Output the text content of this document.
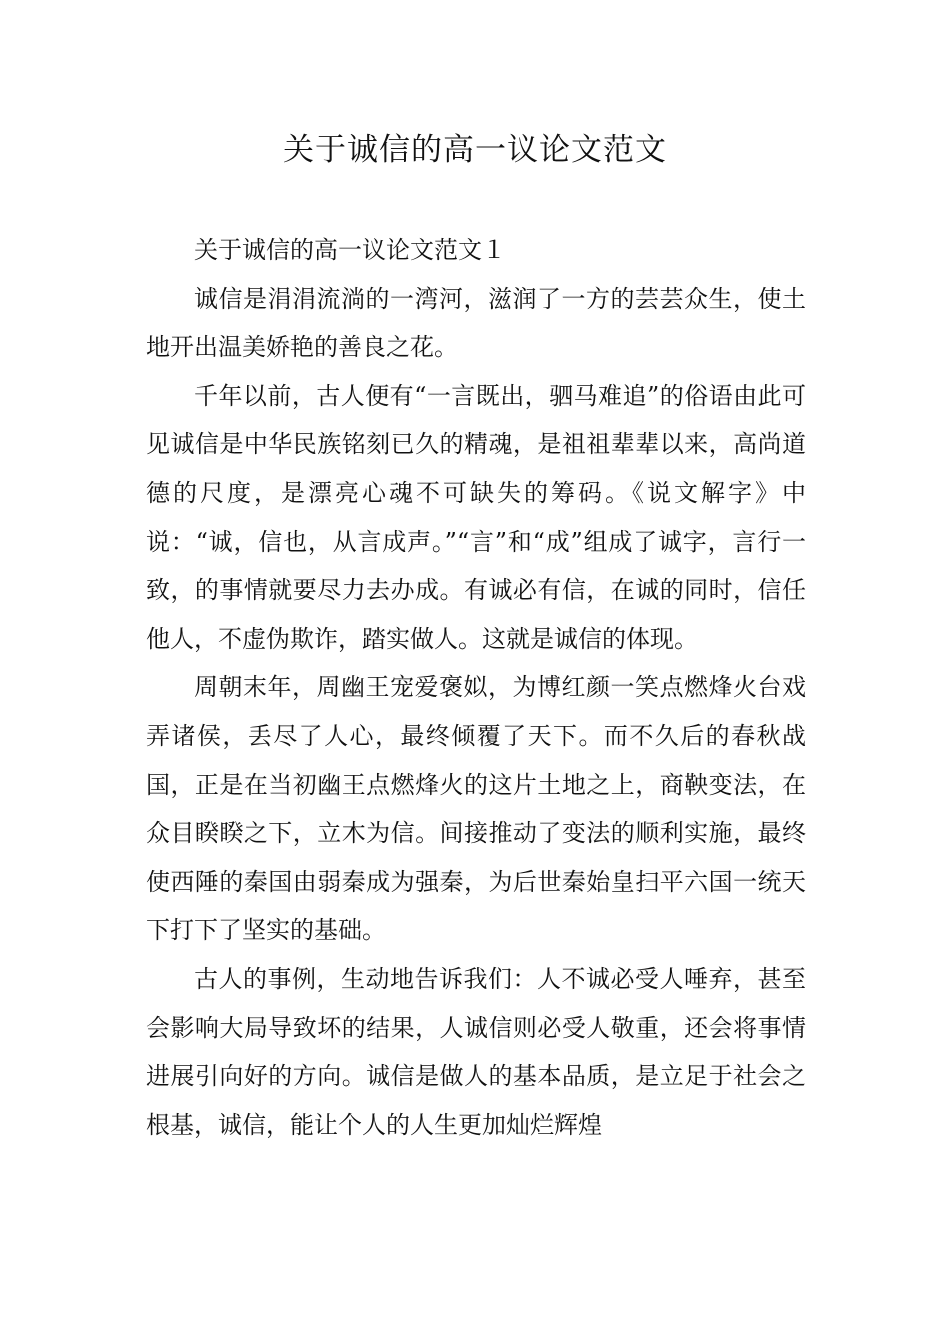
关于诚信的高一议论文范文

关于诚信的高一议论文范文１

诚信是涓涓流淌的一湾河，滋润了一方的芸芸众生，使土地开出温美娇艳的善良之花。

千年以前，古人便有“一言既出，驷马难追”的俗语由此可见诚信是中华民族铭刻已久的精魂，是祖祖辈辈以来，高尚道德的尺度，是漂亮心魂不可缺失的筹码。《说文解字》中说：“诚，信也，从言成声。”“言”和“成”组成了诚字，言行一致，的事情就要尽力去办成。有诚必有信，在诚的同时，信任他人，不虚伪欺诈，踏实做人。这就是诚信的体现。

周朝末年，周幽王宠爱褒姒，为博红颜一笑点燃烽火台戏弄诸侯，丢尽了人心，最终倾覆了天下。而不久后的春秋战国，正是在当初幽王点燃烽火的这片土地之上，商鞅变法，在众目睽睽之下，立木为信。间接推动了变法的顺利实施，最终使西陲的秦国由弱秦成为强秦，为后世秦始皇扫平六国一统天下打下了坚实的基础。

古人的事例，生动地告诉我们：人不诚必受人唾弃，甚至会影响大局导致坏的结果，人诚信则必受人敬重，还会将事情进展引向好的方向。诚信是做人的基本品质，是立足于社会之根基，诚信，能让个人的人生更加灿烂辉煌
